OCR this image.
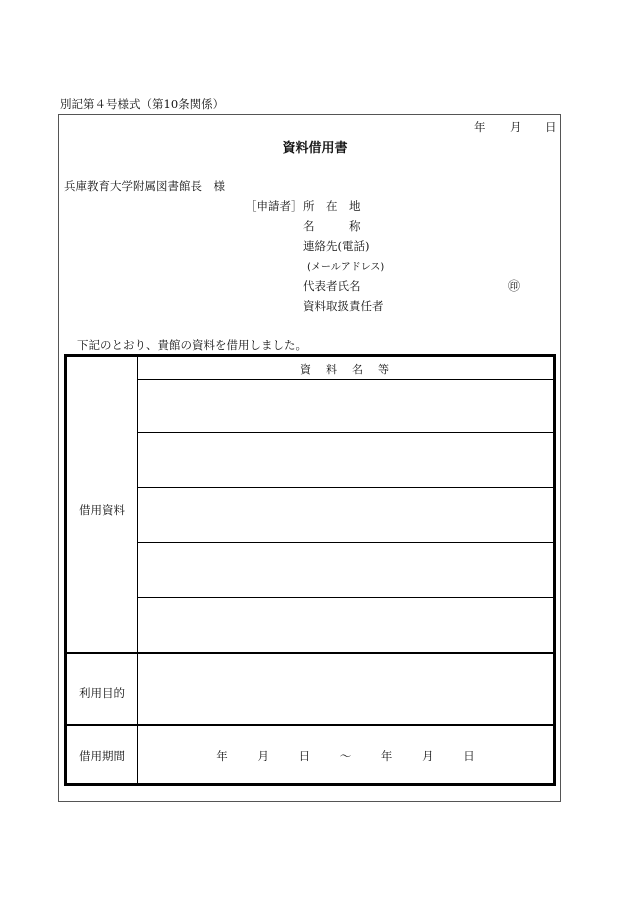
別記第４号様式（第10条関係）
年 月 日
資料借用書
兵庫教育大学附属図書館長　様
［申請者］ 所　在　地
名　　　称
連絡先(電話)
(メールアドレス)
代表者氏名	㊞
資料取扱責任者
下記のとおり、貴館の資料を借用しました。
資　料　名　等
借用資料
利用目的
借用期間	年	月	日	～	年	月	日
